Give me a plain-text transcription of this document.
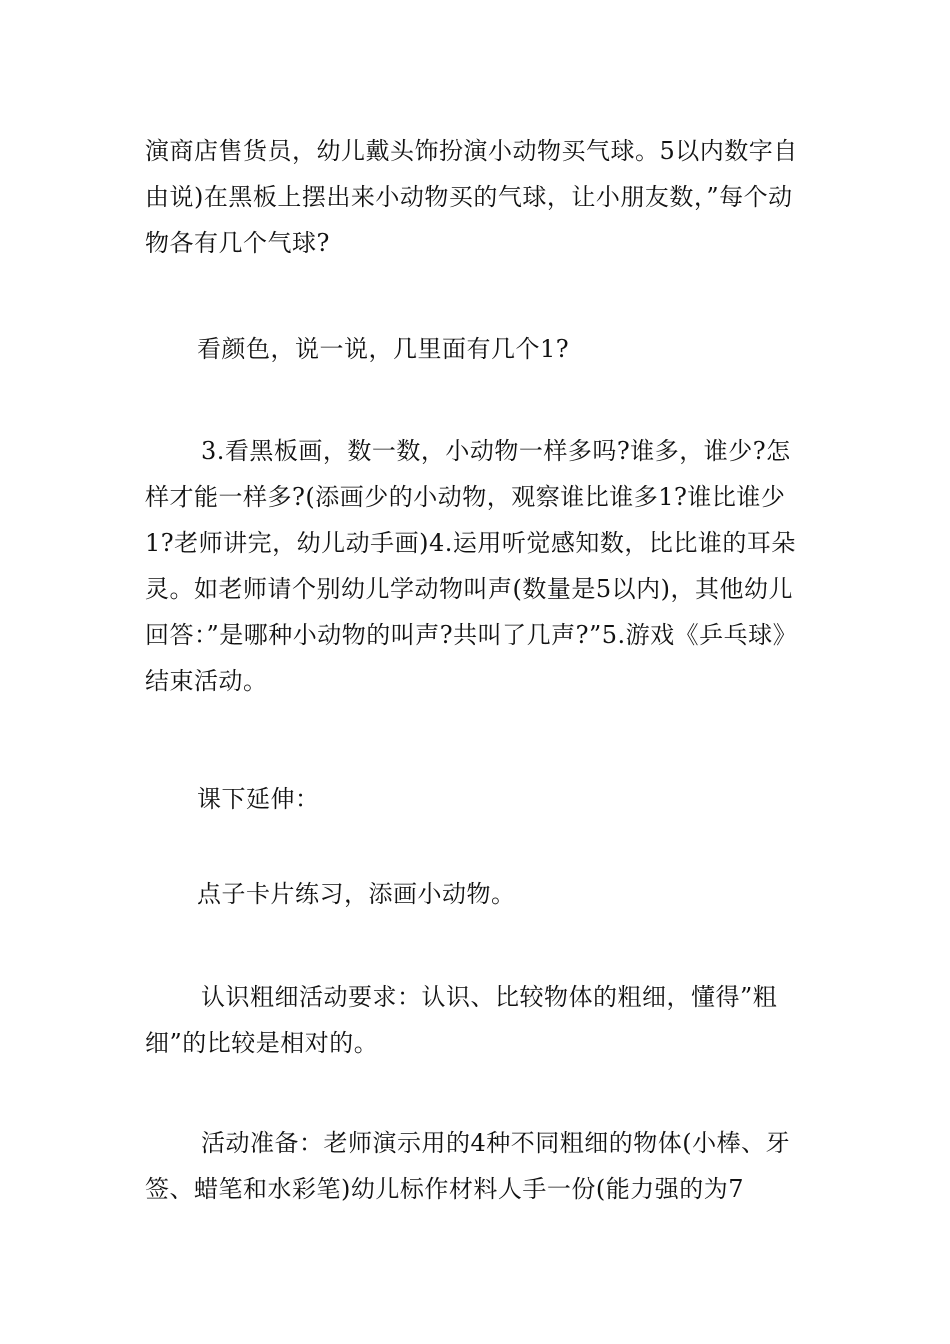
演商店售货员，幼儿戴头饰扮演小动物买气球。5以内数字自由说)在黑板上摆出来小动物买的气球，让小朋友数，”每个动物各有几个气球?

看颜色，说一说，几里面有几个1?

3.看黑板画，数一数，小动物一样多吗?谁多，谁少?怎样才能一样多?(添画少的小动物，观察谁比谁多1?谁比谁少1?老师讲完，幼儿动手画)4.运用听觉感知数，比比谁的耳朵灵。如老师请个别幼儿学动物叫声(数量是5以内)，其他幼儿回答：”是哪种小动物的叫声?共叫了几声?”5.游戏《乒乓球》结束活动。

课下延伸：

点子卡片练习，添画小动物。

认识粗细活动要求：认识、比较物体的粗细，懂得”粗细”的比较是相对的。

活动准备：老师演示用的4种不同粗细的物体(小棒、牙签、蜡笔和水彩笔)幼儿标作材料人手一份(能力强的为7
